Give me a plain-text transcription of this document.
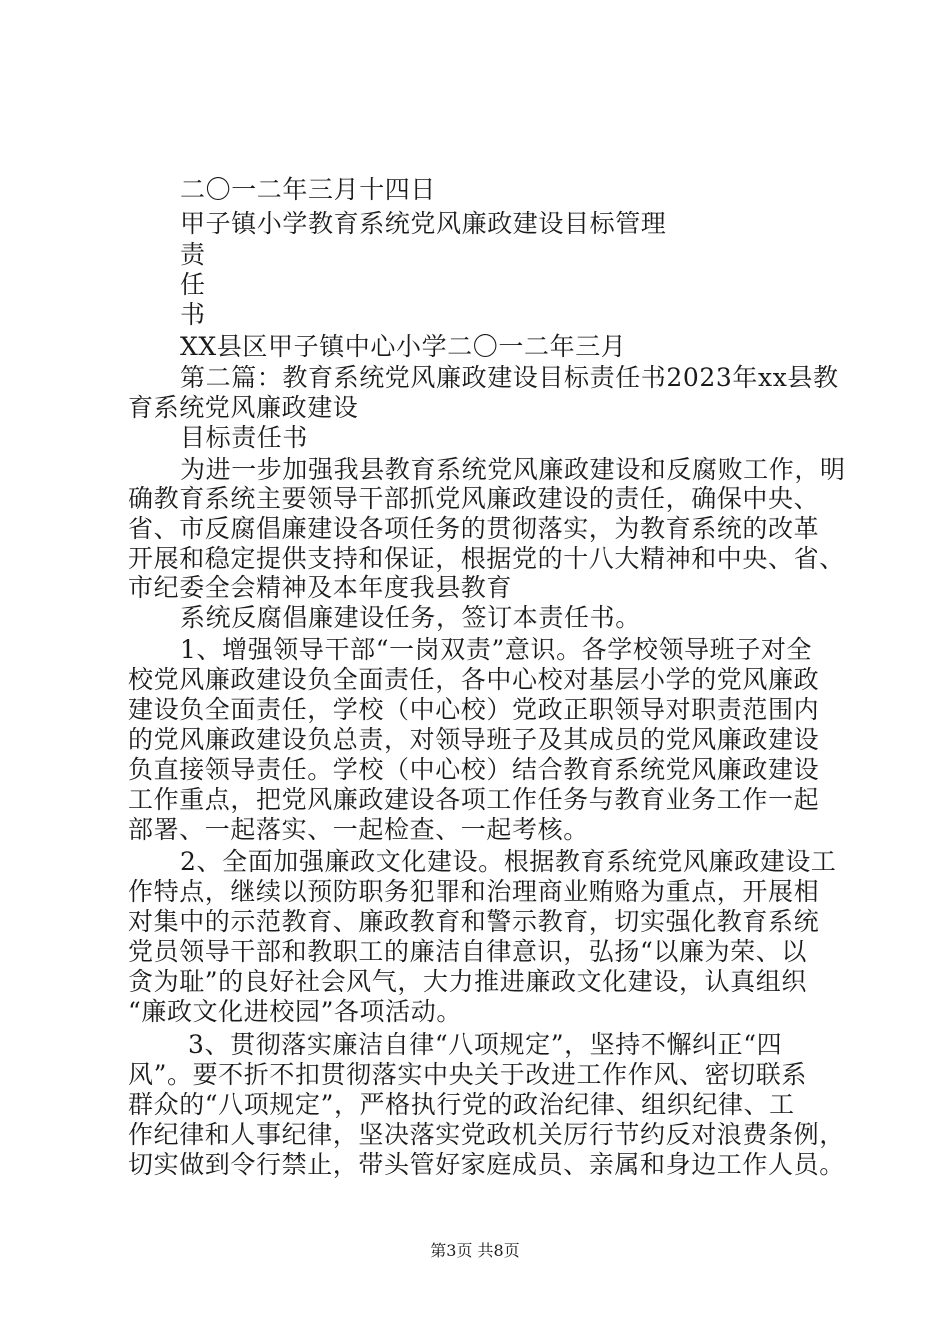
二〇一二年三月十四日
甲子镇小学教育系统党风廉政建设目标管理
责
任
书
XX县区甲子镇中心小学二〇一二年三月
第二篇：教育系统党风廉政建设目标责任书2023年xx县教
育系统党风廉政建设
目标责任书
为进一步加强我县教育系统党风廉政建设和反腐败工作，明
确教育系统主要领导干部抓党风廉政建设的责任，确保中央、
省、市反腐倡廉建设各项任务的贯彻落实，为教育系统的改革
开展和稳定提供支持和保证，根据党的十八大精神和中央、省、
市纪委全会精神及本年度我县教育
系统反腐倡廉建设任务，签订本责任书。
1、增强领导干部“一岗双责”意识。各学校领导班子对全
校党风廉政建设负全面责任，各中心校对基层小学的党风廉政
建设负全面责任，学校（中心校）党政正职领导对职责范围内
的党风廉政建设负总责，对领导班子及其成员的党风廉政建设
负直接领导责任。学校（中心校）结合教育系统党风廉政建设
工作重点，把党风廉政建设各项工作任务与教育业务工作一起
部署、一起落实、一起检查、一起考核。
2、全面加强廉政文化建设。根据教育系统党风廉政建设工
作特点，继续以预防职务犯罪和治理商业贿赂为重点，开展相
对集中的示范教育、廉政教育和警示教育，切实强化教育系统
党员领导干部和教职工的廉洁自律意识，弘扬“以廉为荣、以
贪为耻”的良好社会风气，大力推进廉政文化建设，认真组织
“廉政文化进校园”各项活动。
3、贯彻落实廉洁自律“八项规定”，坚持不懈纠正“四
风”。要不折不扣贯彻落实中央关于改进工作作风、密切联系
群众的“八项规定”，严格执行党的政治纪律、组织纪律、工
作纪律和人事纪律，坚决落实党政机关厉行节约反对浪费条例，
切实做到令行禁止，带头管好家庭成员、亲属和身边工作人员。
第3页 共8页
